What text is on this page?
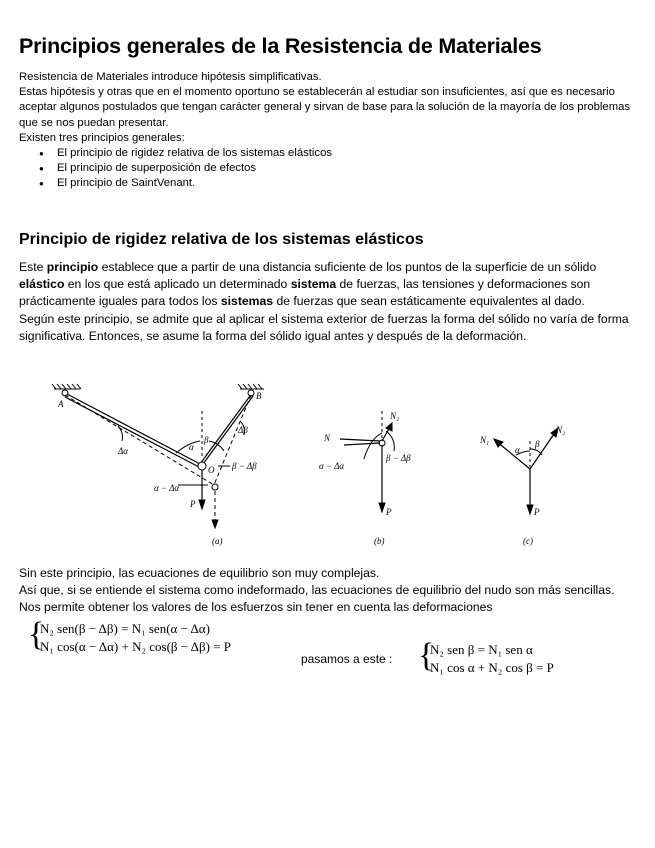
Principios generales de la Resistencia de Materiales

Resistencia de Materiales introduce hipótesis simplificativas.

Estas hipótesis y otras que en el momento oportuno se establecerán al estudiar son insuficientes, así que es necesario aceptar algunos postulados que tengan carácter general y sirvan de base para la solución de la mayoría de los problemas que se nos puedan presentar.

Existen tres principios generales:

● El principio de rigidez relativa de los sistemas elásticos
● El principio de superposición de efectos
● El principio de SaintVenant.
Principio de rigidez relativa de los sistemas elásticos

Este principio establece que a partir de una distancia suficiente de los puntos de la superficie de un sólido elástico en los que está aplicado un determinado sistema de fuerzas, las tensiones y deformaciones son prácticamente iguales para todos los sistemas de fuerzas que sean estáticamente equivalentes al dado.

Según este principio, se admite que al aplicar el sistema exterior de fuerzas la forma del sólido no varía de forma significativa. Entonces, se asume la forma del sólido igual antes y después de la deformación.

A
B
O
P
α
β
Δα
Δβ
β − Δβ
α − Δα
(a)
N
N₂
α − Δα
β − Δβ
P
(b)
N₁
N₂
α
β
P
(c)

Sin este principio, las ecuaciones de equilibrio son muy complejas.

Así que, si se entiende el sistema como indeformado, las ecuaciones de equilibrio del nudo son más sencillas. Nos permite obtener los valores de los esfuerzos sin tener en cuenta las deformaciones

{
N₂ sen(β − Δβ) = N₁ sen(α − Δα)
N₁ cos(α − Δα) + N₂ cos(β − Δβ) = P
pasamos a este : {
N₂ sen β = N₁ sen α
N₁ cos α + N₂ cos β = P
